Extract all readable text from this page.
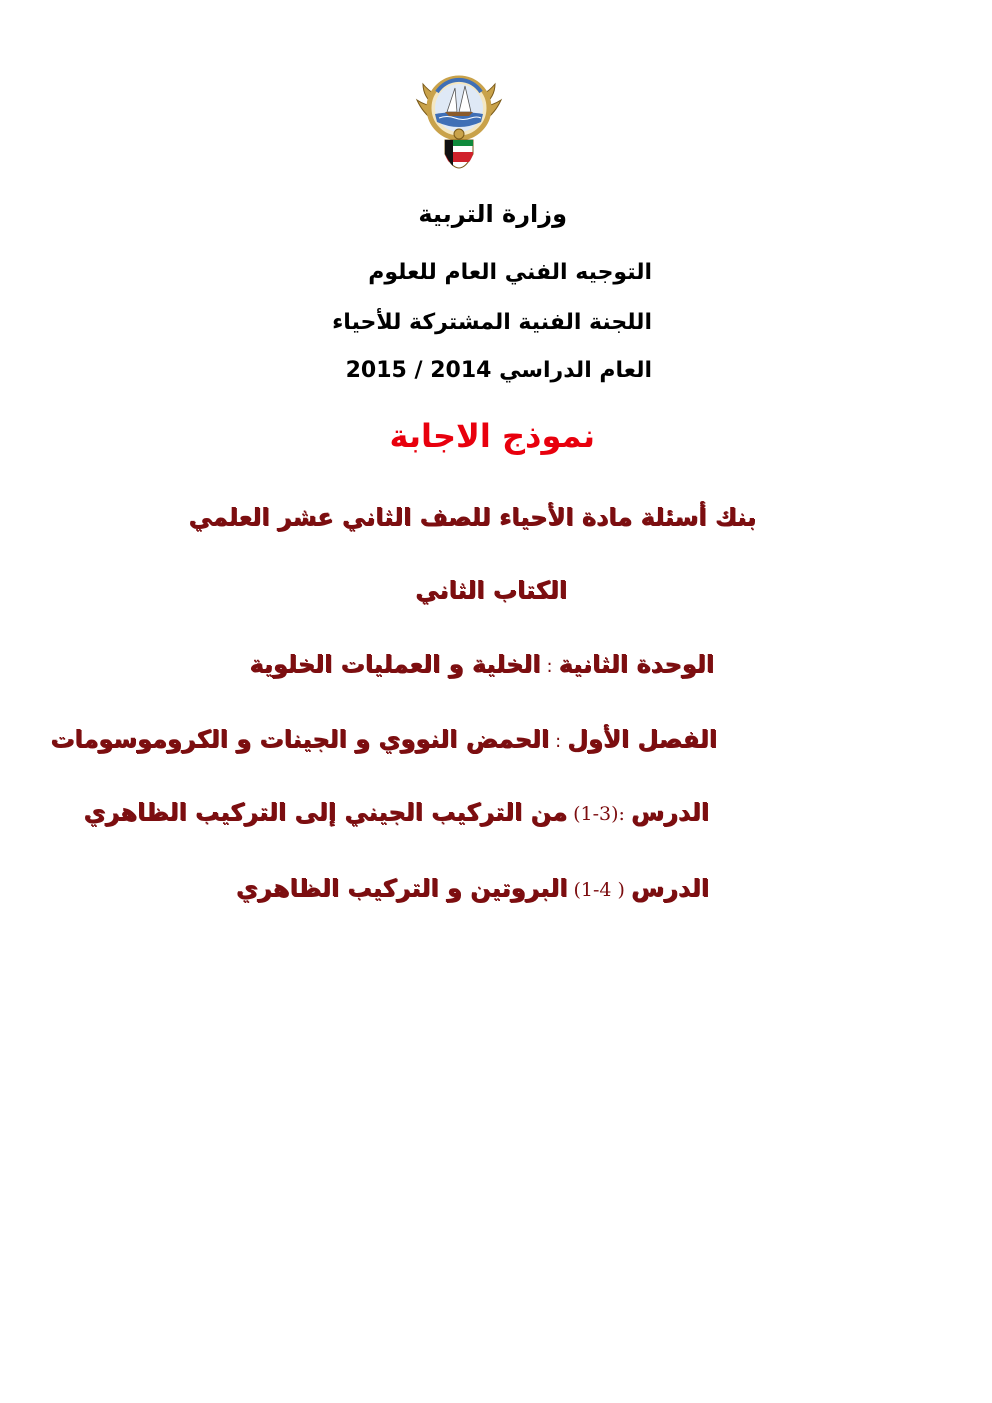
وزارة التربية
التوجيه الفني العام للعلوم
اللجنة الفنية المشتركة للأحياء
العام الدراسي 2015 / 2014
نموذج الاجابة
بنك أسئلة مادة الأحياء للصف الثاني عشر العلمي
الكتاب الثاني
الوحدة الثانية:الخلية و العمليات الخلوية
الفصل الأول:الحمض النووي و الجينات و الكروموسومات
الدرس:(1-3)من التركيب الجيني إلى التركيب الظاهري
الدرس( 1-4)البروتين و التركيب الظاهري
